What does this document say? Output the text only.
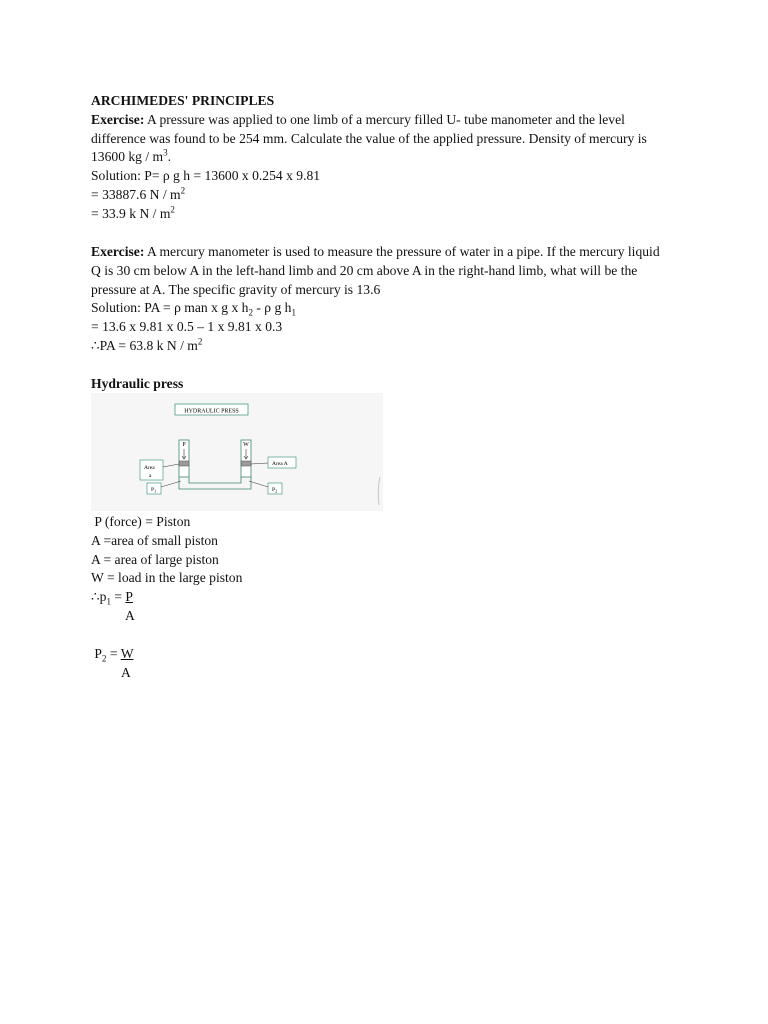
ARCHIMEDES' PRINCIPLES
Exercise: A pressure was applied to one limb of a mercury filled U- tube manometer and the level
difference was found to be 254 mm. Calculate the value of the applied pressure. Density of mercury is
13600 kg / $m^3$.
Solution: P= ρ g h = 13600 x 0.254 x 9.81
= 33887.6 N / $m^2$
= 33.9 k N / $m^2$
Exercise: A mercury manometer is used to measure the pressure of water in a pipe. If the mercury liquid
Q is 30 cm below A in the left-hand limb and 20 cm above A in the right-hand limb, what will be the
pressure at A. The specific gravity of mercury is 13.6
Solution: PA = ρ man x g x $h_2$ - ρ g $h_1$
= 13.6 x 9.81 x 0.5 – 1 x 9.81 x 0.3
∴PA = 63.8 k N / $m^2$
Hydraulic press
HYDRAULIC PRESS
P	W
Area
a
$P_1$
Area A
$P_2$
P (force) = Piston
A =area of small piston
A = area of large piston
W = load in the large piston
$\therefore p_1 = P$
A
$P_2 = W$
A
